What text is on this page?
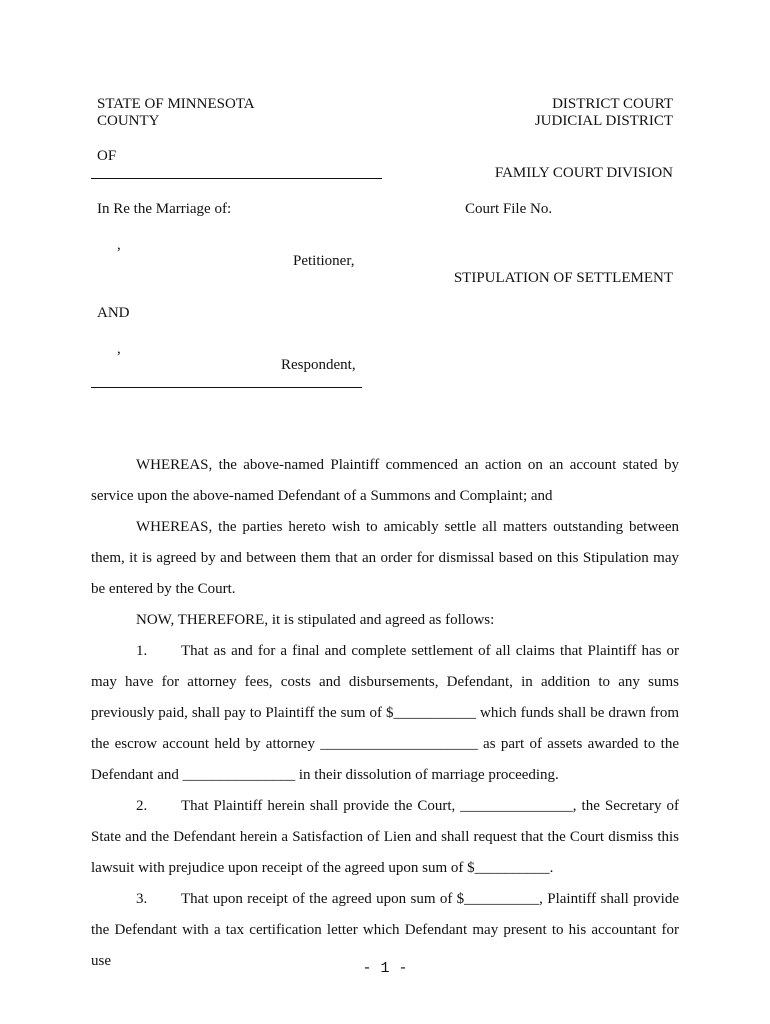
STATE OF MINNESOTA
COUNTY
DISTRICT COURT
JUDICIAL DISTRICT
OF
FAMILY COURT DIVISION
In Re the Marriage of:	Court File No.
,
Petitioner,
STIPULATION OF SETTLEMENT
AND
,
Respondent,

WHEREAS, the above-named Plaintiff commenced an action on an account stated by service upon the above-named Defendant of a Summons and Complaint; and

WHEREAS, the parties hereto wish to amicably settle all matters outstanding between them, it is agreed by and between them that an order for dismissal based on this Stipulation may be entered by the Court.

NOW, THEREFORE, it is stipulated and agreed as follows:

1. That as and for a final and complete settlement of all claims that Plaintiff has or may have for attorney fees, costs and disbursements, Defendant, in addition to any sums previously paid, shall pay to Plaintiff the sum of $___________ which funds shall be drawn from the escrow account held by attorney _____________________ as part of assets awarded to the Defendant and _______________ in their dissolution of marriage proceeding.

2. That Plaintiff herein shall provide the Court, _______________, the Secretary of State and the Defendant herein a Satisfaction of Lien and shall request that the Court dismiss this lawsuit with prejudice upon receipt of the agreed upon sum of $__________.

3. That upon receipt of the agreed upon sum of $__________, Plaintiff shall provide the Defendant with a tax certification letter which Defendant may present to his accountant for use	- 1 -
